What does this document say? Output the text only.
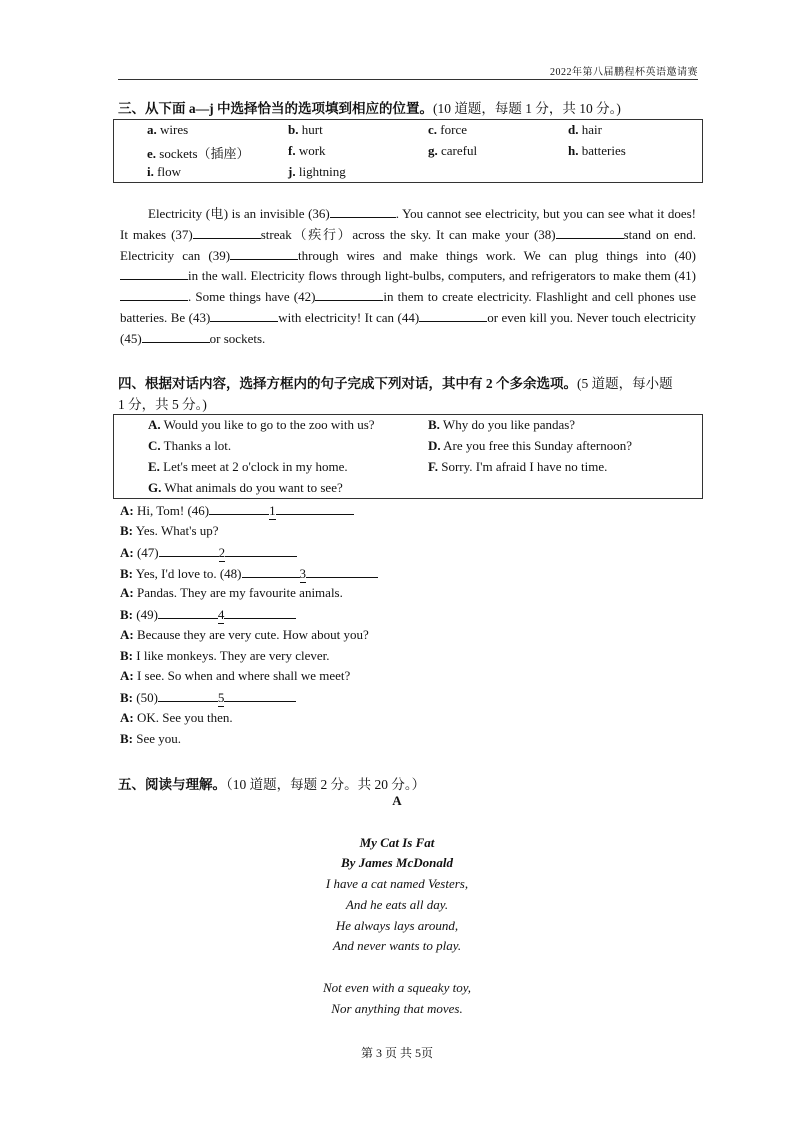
2022年第八届鹏程杯英语邀请赛
三、从下面 a—j 中选择恰当的选项填到相应的位置。(10 道题，每题 1 分，共 10 分。)
a. wires	b. hurt	c. force	d. hair
e. sockets（插座）	f. work	g. careful	h. batteries
i. flow	j. lightning

Electricity (电) is an invisible (36)	. You cannot see electricity, but you can see what it does! It makes (37)	streak（疾行）across the sky. It can make your (38)	stand on end. Electricity can (39)	through wires and make things work. We can plug things into (40)in the wall. Electricity flows through light-bulbs, computers, and refrigerators to make them (41). Some things have (42)	in them to create electricity. Flashlight and cell phones use batteries. Be (43)	with electricity! It can (44)	or even kill you. Never touch electricity (45)	or sockets.

四、根据对话内容，选择方框内的句子完成下列对话，其中有 2 个多余选项。(5 道题，每小题
1 分，共 5 分。)
A. Would you like to go to the zoo with us?	B. Why do you like pandas?
C. Thanks a lot.	D. Are you free this Sunday afternoon?
E. Let's meet at 2 o'clock in my home.	F. Sorry. I'm afraid I have no time.
G. What animals do you want to see?
A: Hi, Tom! (46)	1
B: Yes. What's up?
A: (47)	2
B: Yes, I'd love to. (48)	3
A: Pandas. They are my favourite animals.
B: (49)	4
A: Because they are very cute. How about you?
B: I like monkeys. They are very clever.
A: I see. So when and where shall we meet?
B: (50)	5
A: OK. See you then.
B: See you.
五、阅读与理解。（10 道题，每题 2 分。共 20 分。）
A
My Cat Is Fat
By James McDonald
I have a cat named Vesters,
And he eats all day.
He always lays around,
And never wants to play.
Not even with a squeaky toy,
Nor anything that moves.
第 3 页 共 5页
